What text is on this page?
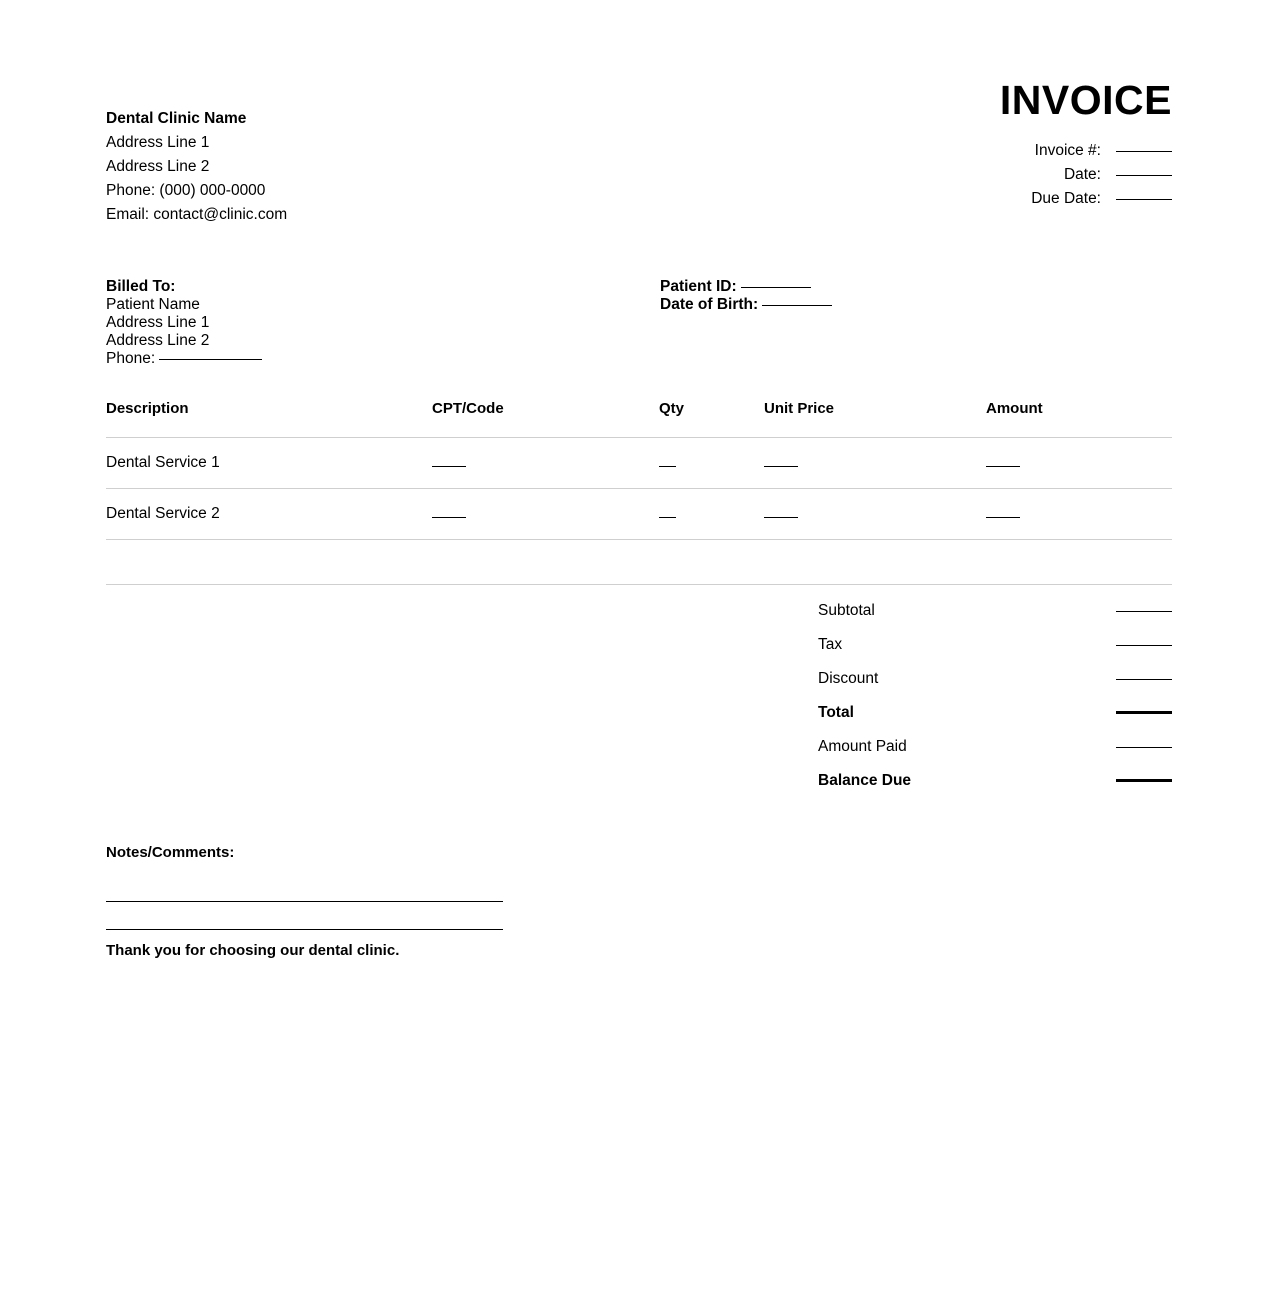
INVOICE
Dental Clinic Name
Address Line 1
Address Line 2
Phone: (000) 000-0000
Email: contact@clinic.com
Invoice #:
Date:
Due Date:
Billed To:
Patient Name
Address Line 1
Address Line 2
Phone:
Patient ID:
Date of Birth:
Description	CPT/Code	Qty	Unit Price	Amount
Dental Service 1				
Dental Service 2				

Subtotal
Tax
Discount
Total
Amount Paid
Balance Due
Notes/Comments:
Thank you for choosing our dental clinic.
